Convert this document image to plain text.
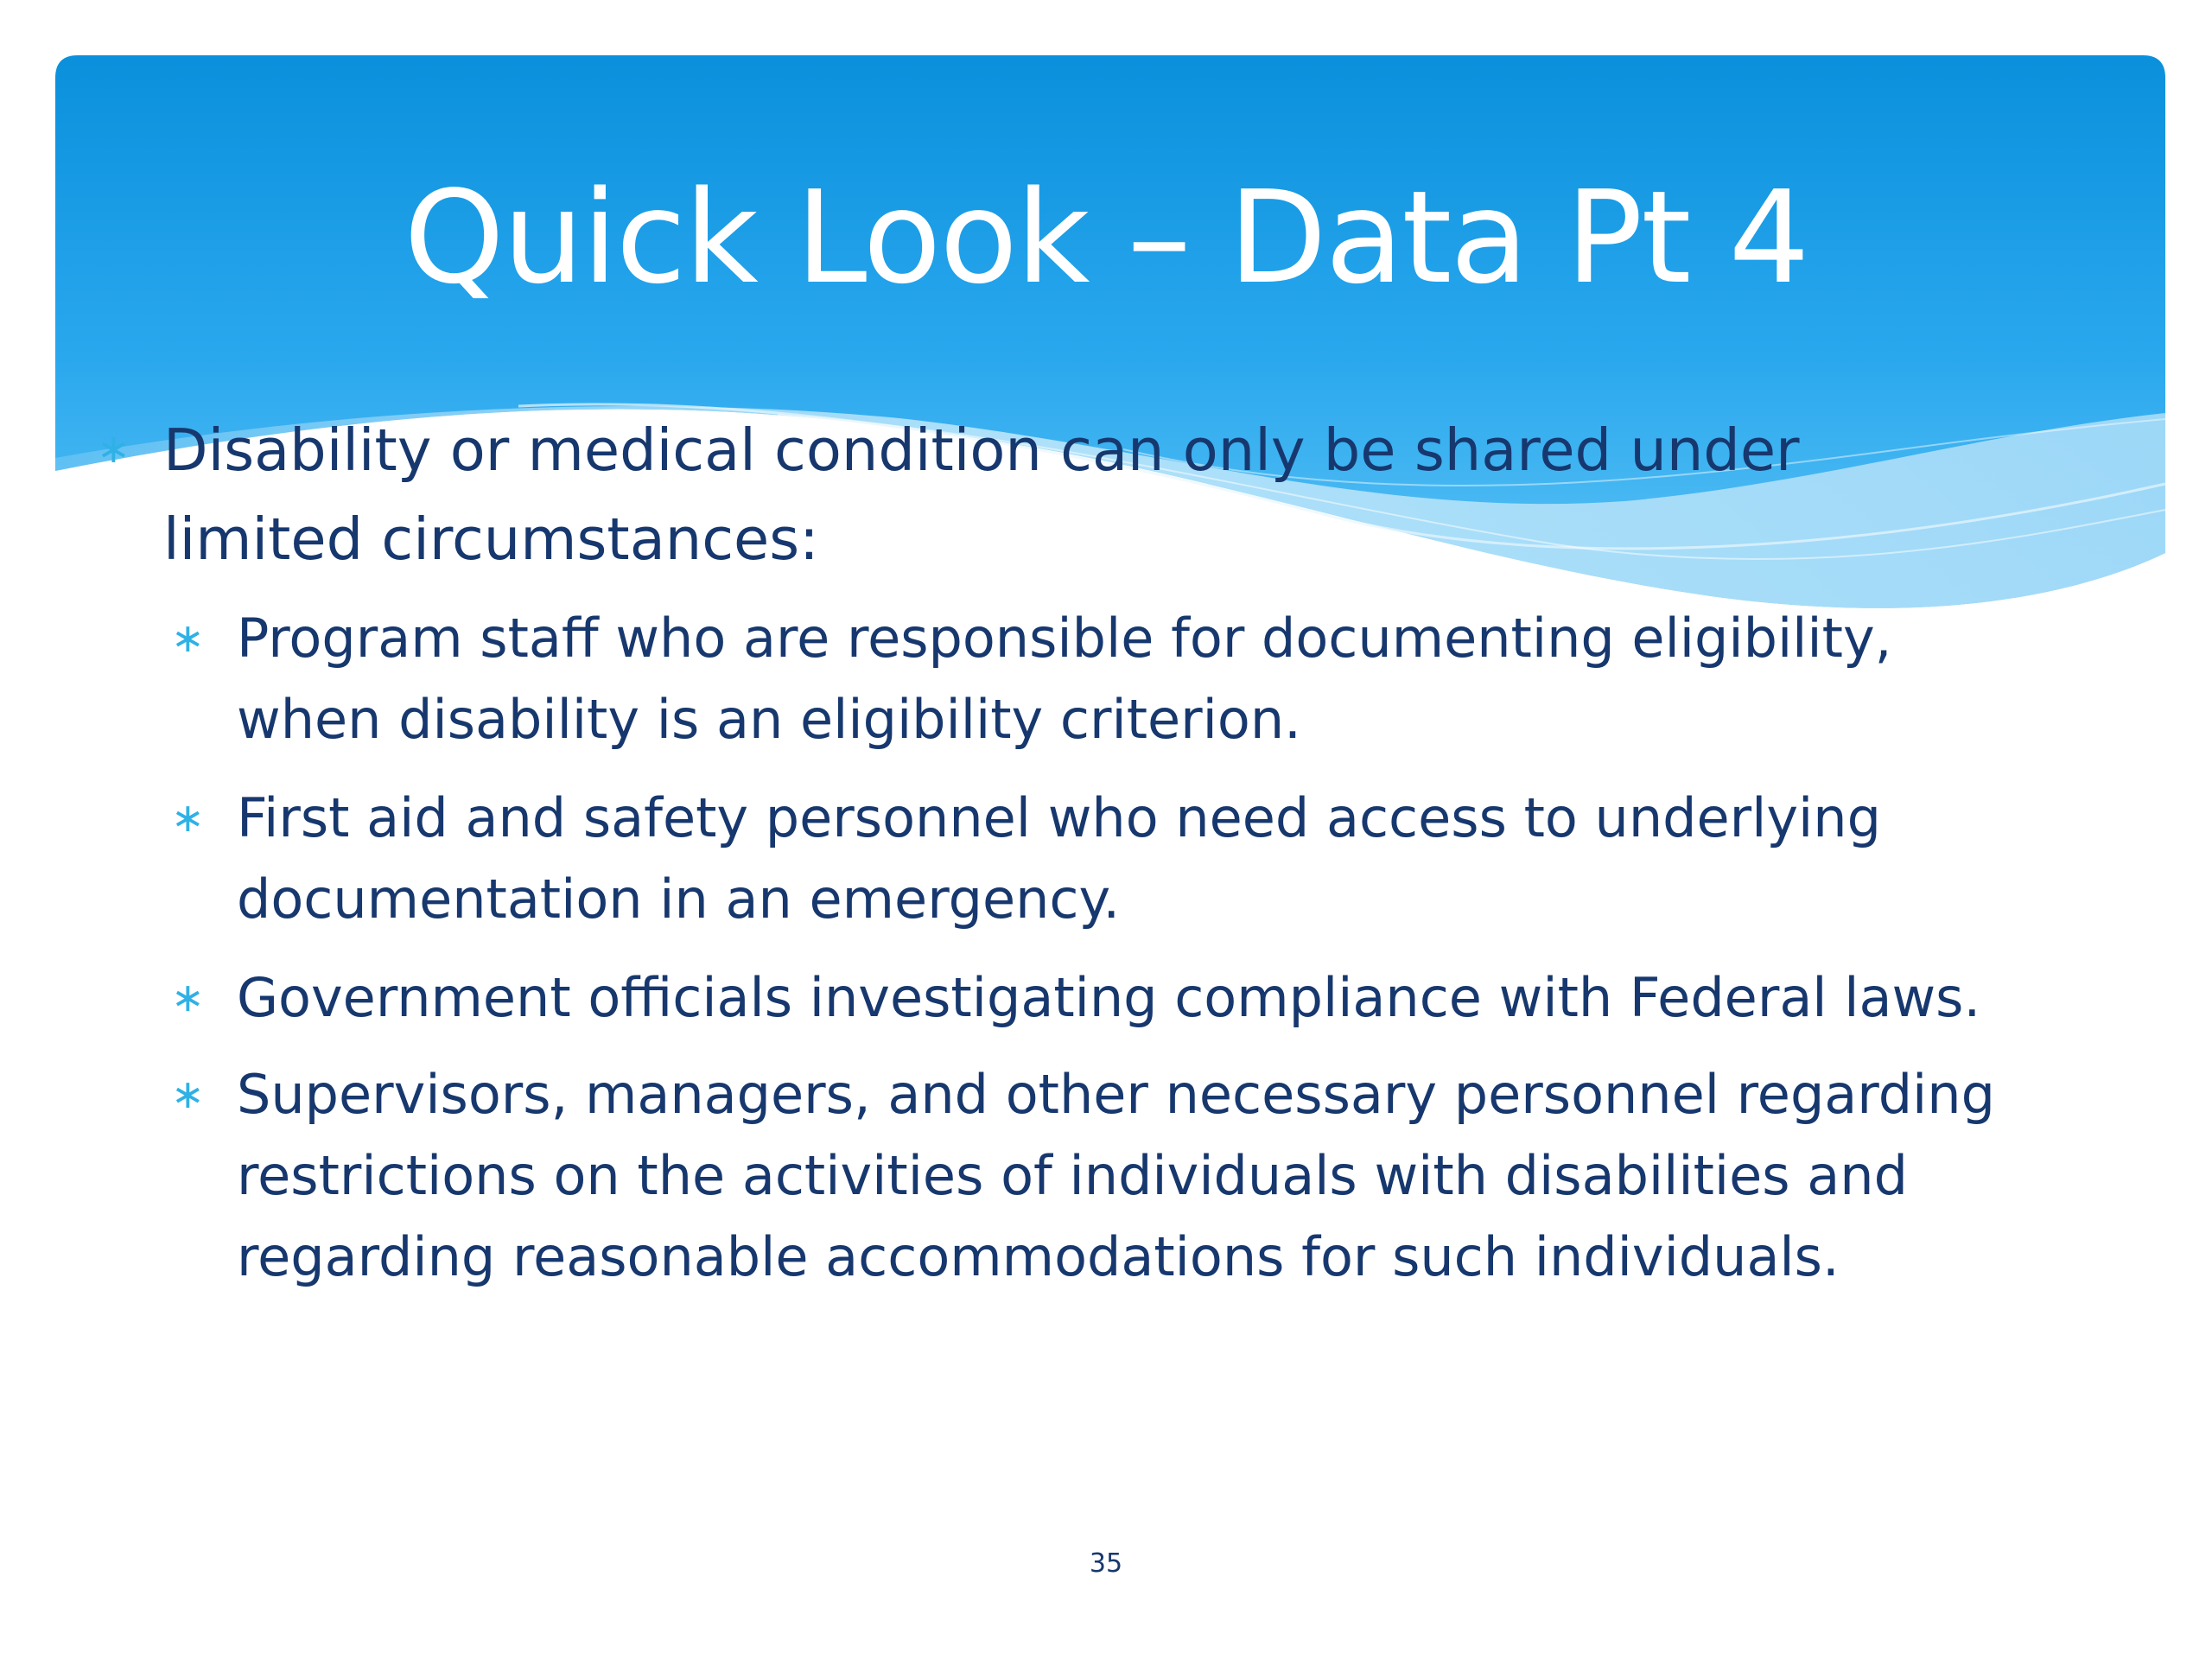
Quick Look – Data Pt 4
∗ Disability or medical condition can only be shared under
limited circumstances:
∗ Program staff who are responsible for documenting eligibility,
when disability is an eligibility criterion.
∗ First aid and safety personnel who need access to underlying
documentation in an emergency.
∗ Government officials investigating compliance with Federal laws.
∗ Supervisors, managers, and other necessary personnel regarding
restrictions on the activities of individuals with disabilities and
regarding reasonable accommodations for such individuals.
35
